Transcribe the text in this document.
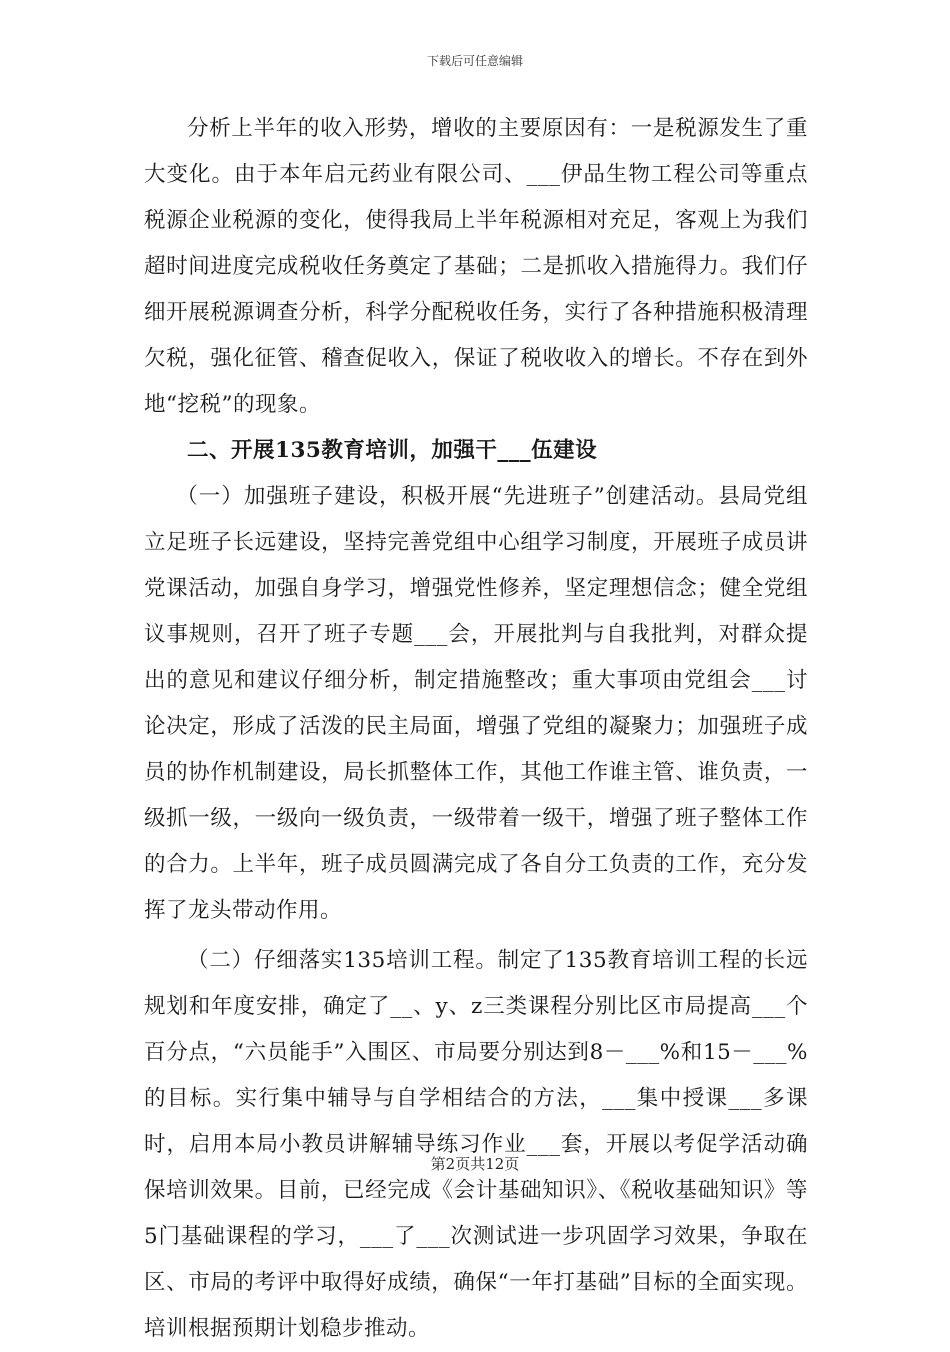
下载后可任意编辑

分析上半年的收入形势，增收的主要原因有：一是税源发生了重大变化。由于本年启元药业有限公司、___伊品生物工程公司等重点税源企业税源的变化，使得我局上半年税源相对充足，客观上为我们超时间进度完成税收任务奠定了基础；二是抓收入措施得力。我们仔细开展税源调查分析，科学分配税收任务，实行了各种措施积极清理欠税，强化征管、稽查促收入，保证了税收收入的增长。不存在到外地“挖税”的现象。

二、开展135教育培训，加强干___伍建设

（一）加强班子建设，积极开展“先进班子”创建活动。县局党组立足班子长远建设，坚持完善党组中心组学习制度，开展班子成员讲党课活动，加强自身学习，增强党性修养，坚定理想信念；健全党组议事规则，召开了班子专题___会，开展批判与自我批判，对群众提出的意见和建议仔细分析，制定措施整改；重大事项由党组会___讨论决定，形成了活泼的民主局面，增强了党组的凝聚力；加强班子成员的协作机制建设，局长抓整体工作，其他工作谁主管、谁负责，一级抓一级，一级向一级负责，一级带着一级干，增强了班子整体工作的合力。上半年，班子成员圆满完成了各自分工负责的工作，充分发挥了龙头带动作用。

（二）仔细落实135培训工程。制定了135教育培训工程的长远规划和年度安排，确定了__、y、z三类课程分别比区市局提高___个百分点，“六员能手”入围区、市局要分别达到8－___%和15－___%的目标。实行集中辅导与自学相结合的方法，___集中授课___多课时，启用本局小教员讲解辅导练习作业___套，开展以考促学活动确保培训效果。目前，已经完成《会计基础知识》、《税收基础知识》等5门基础课程的学习，___了___次测试进一步巩固学习效果，争取在区、市局的考评中取得好成绩，确保“一年打基础”目标的全面实现。培训根据预期计划稳步推动。

第2页共12页
